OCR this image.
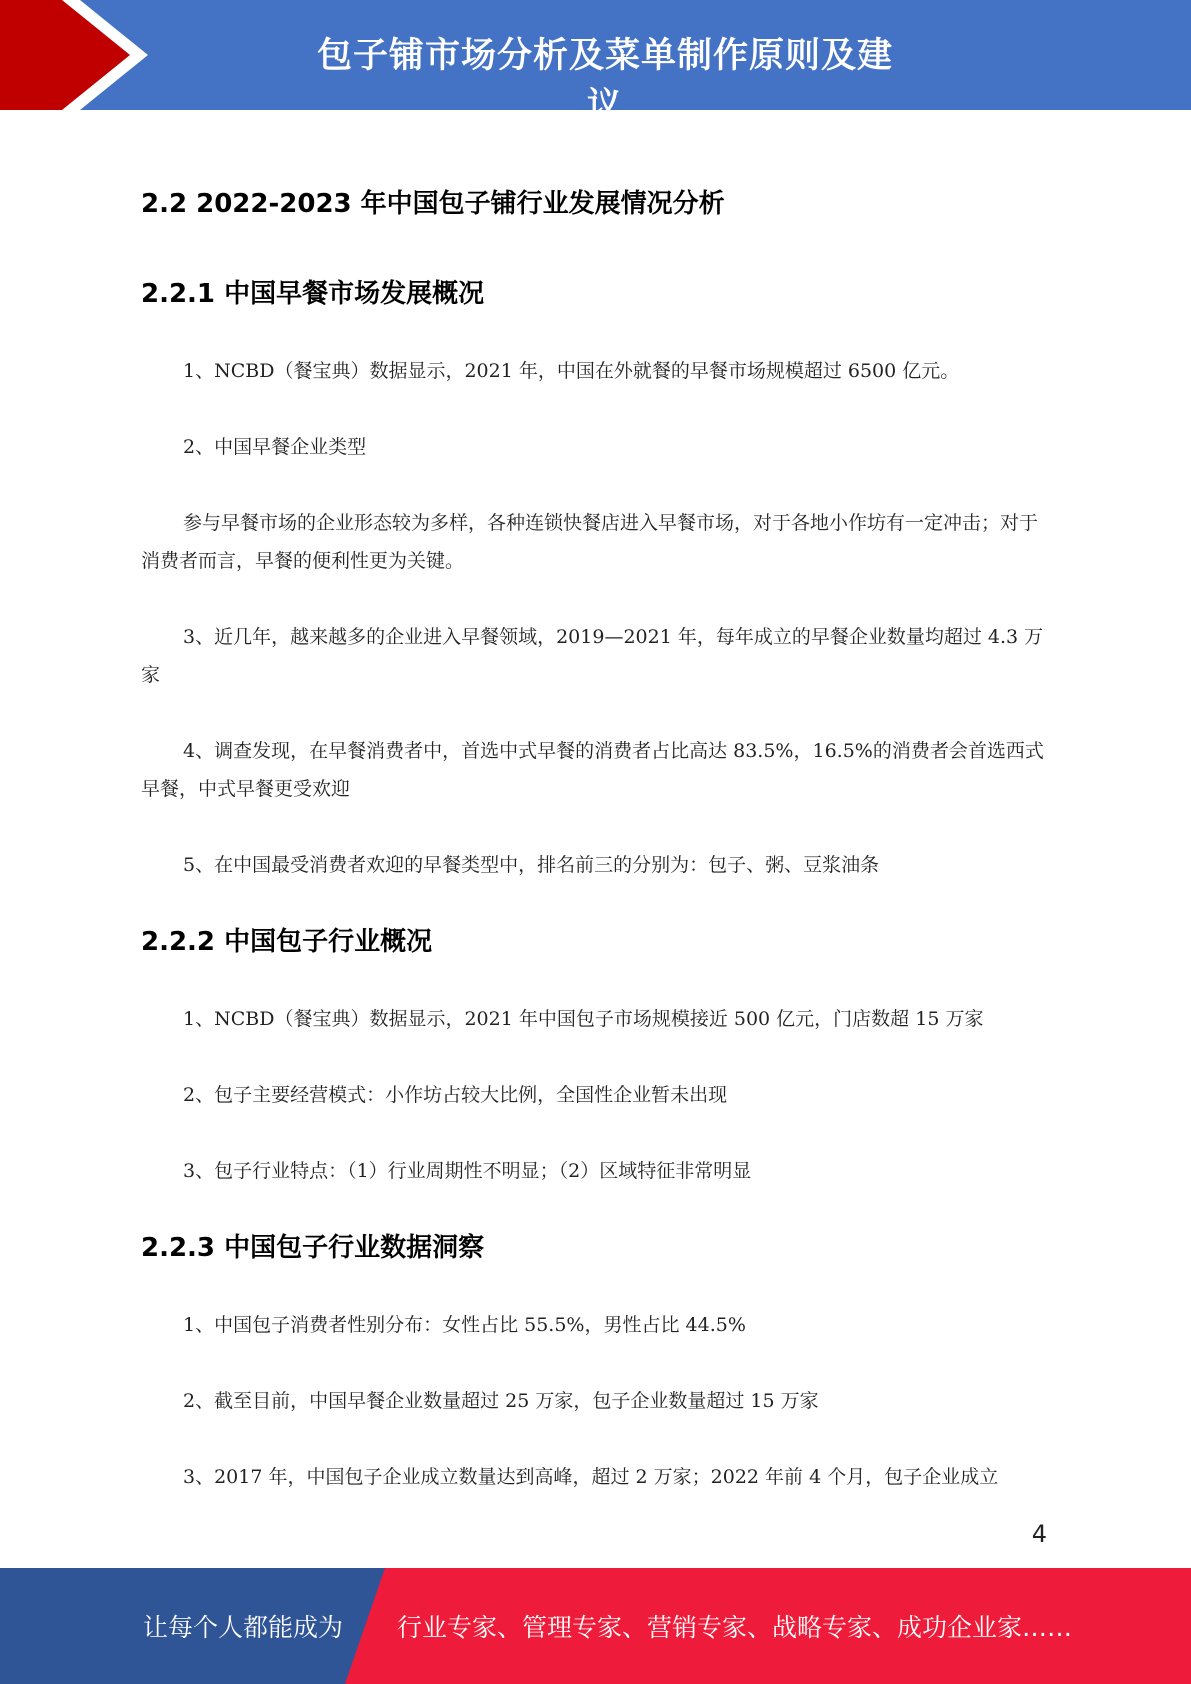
包子铺市场分析及菜单制作原则及建议
2.2 2022-2023 年中国包子铺行业发展情况分析
2.2.1 中国早餐市场发展概况
1、NCBD（餐宝典）数据显示，2021 年，中国在外就餐的早餐市场规模超过 6500 亿元。
2、中国早餐企业类型
参与早餐市场的企业形态较为多样，各种连锁快餐店进入早餐市场，对于各地小作坊有一定冲击；对于消费者而言，早餐的便利性更为关键。
3、近几年，越来越多的企业进入早餐领域，2019—2021 年，每年成立的早餐企业数量均超过 4.3 万家
4、调查发现，在早餐消费者中，首选中式早餐的消费者占比高达 83.5%，16.5%的消费者会首选西式早餐，中式早餐更受欢迎
5、在中国最受消费者欢迎的早餐类型中，排名前三的分别为：包子、粥、豆浆油条
2.2.2 中国包子行业概况
1、NCBD（餐宝典）数据显示，2021 年中国包子市场规模接近 500 亿元，门店数超 15 万家
2、包子主要经营模式：小作坊占较大比例，全国性企业暂未出现
3、包子行业特点：（1）行业周期性不明显；（2）区域特征非常明显
2.2.3 中国包子行业数据洞察
1、中国包子消费者性别分布：女性占比 55.5%，男性占比 44.5%
2、截至目前，中国早餐企业数量超过 25 万家，包子企业数量超过 15 万家
3、2017 年，中国包子企业成立数量达到高峰，超过 2 万家；2022 年前 4 个月，包子企业成立
4
让每个人都能成为 行业专家、管理专家、营销专家、战略专家、成功企业家……
